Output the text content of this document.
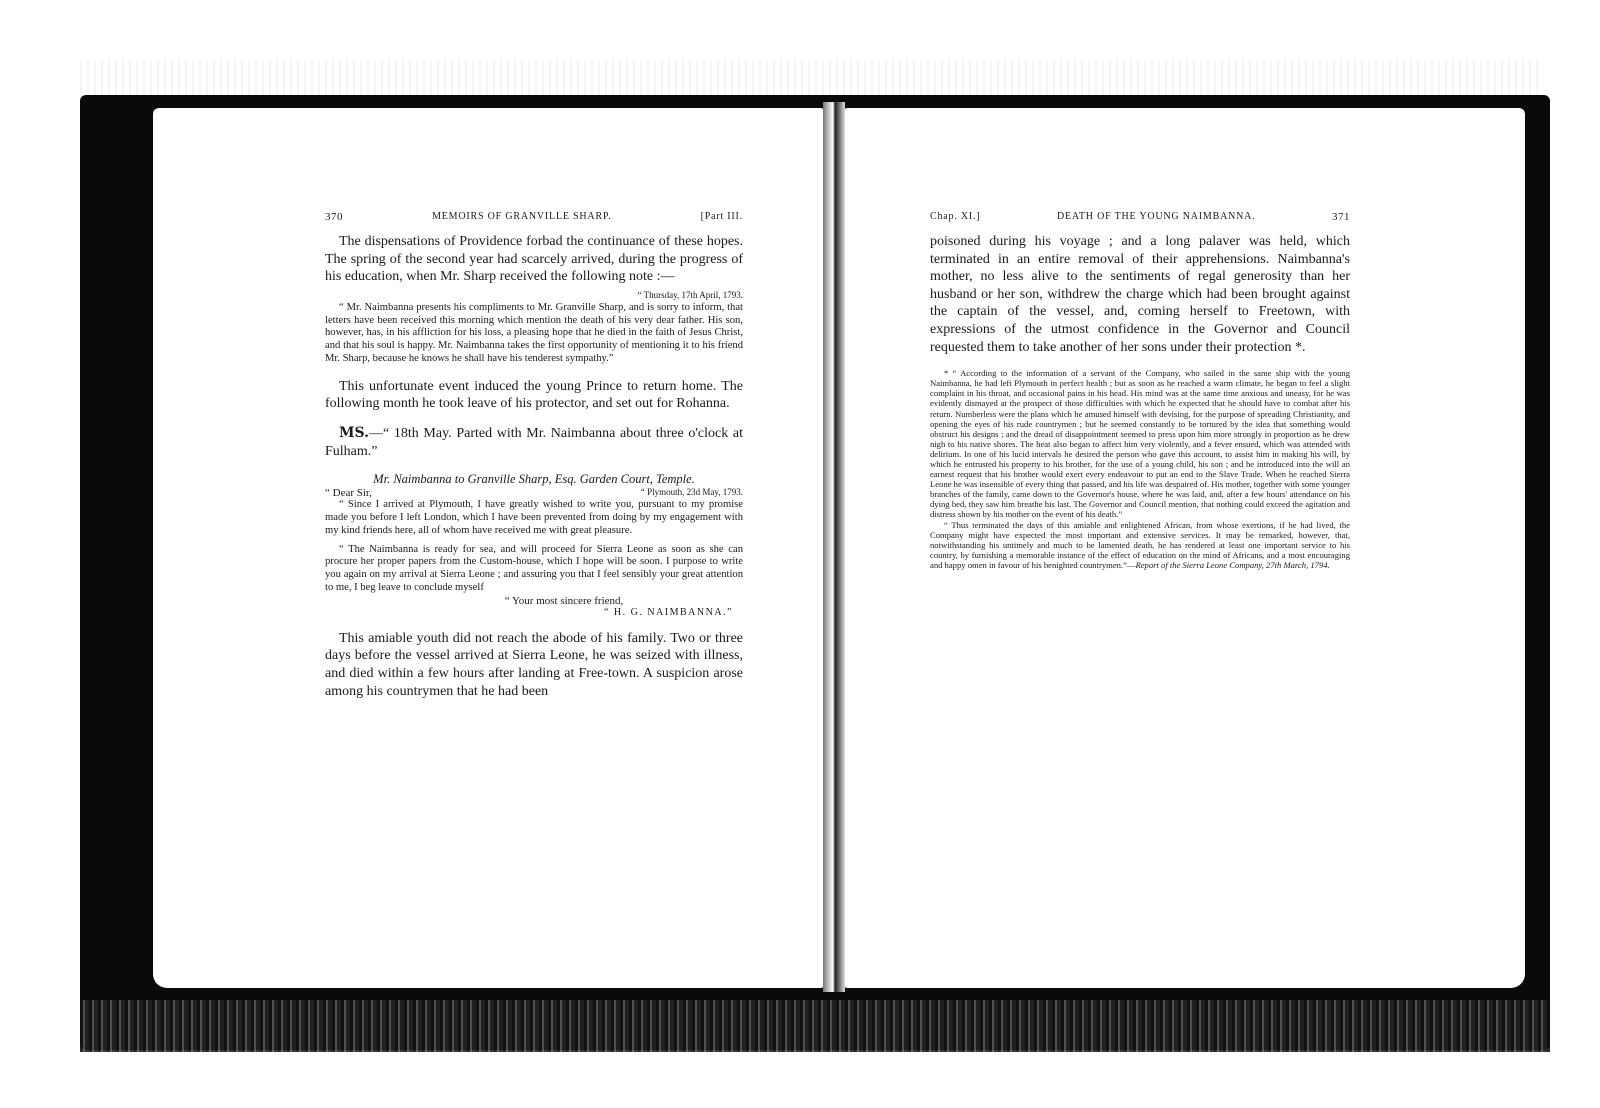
370	MEMOIRS OF GRANVILLE SHARP.	[Part III.

The dispensations of Providence forbad the continuance of these hopes. The spring of the second year had scarcely arrived, during the progress of his education, when Mr. Sharp received the following note :—

“ Thursday, 17th April, 1793.

“ Mr. Naimbanna presents his compliments to Mr. Granville Sharp, and is sorry to inform, that letters have been received this morning which mention the death of his very dear father. His son, however, has, in his affliction for his loss, a pleasing hope that he died in the faith of Jesus Christ, and that his soul is happy. Mr. Naimbanna takes the first opportunity of mentioning it to his friend Mr. Sharp, because he knows he shall have his tenderest sympathy.”

This unfortunate event induced the young Prince to return home. The following month he took leave of his protector, and set out for Rohanna.

MS.—“ 18th May. Parted with Mr. Naimbanna about three o'clock at Fulham.”

Mr. Naimbanna to Granville Sharp, Esq. Garden Court, Temple.
“ Dear Sir,	“ Plymouth, 23d May, 1793.

“ Since I arrived at Plymouth, I have greatly wished to write you, pursuant to my promise made you before I left London, which I have been prevented from doing by my engagement with my kind friends here, all of whom have received me with great pleasure.

“ The Naimbanna is ready for sea, and will proceed for Sierra Leone as soon as she can procure her proper papers from the Custom-house, which I hope will be soon. I purpose to write you again on my arrival at Sierra Leone ; and assuring you that I feel sensibly your great attention to me, I beg leave to conclude myself

“ Your most sincere friend,
“ H. G. NAIMBANNA.”

This amiable youth did not reach the abode of his family. Two or three days before the vessel arrived at Sierra Leone, he was seized with illness, and died within a few hours after landing at Free-town. A suspicion arose among his countrymen that he had been

Chap. XI.]	DEATH OF THE YOUNG NAIMBANNA.	371

poisoned during his voyage ; and a long palaver was held, which terminated in an entire removal of their apprehensions. Naimbanna's mother, no less alive to the sentiments of regal generosity than her husband or her son, withdrew the charge which had been brought against the captain of the vessel, and, coming herself to Freetown, with expressions of the utmost confidence in the Governor and Council requested them to take another of her sons under their protection *.

* “ According to the information of a servant of the Company, who sailed in the same ship with the young Naimbanna, he had left Plymouth in perfect health ; but as soon as he reached a warm climate, he began to feel a slight complaint in his throat, and occasional pains in his head. His mind was at the same time anxious and uneasy, for he was evidently dismayed at the prospect of those difficulties with which he expected that he should have to combat after his return. Numberless were the plans which he amused himself with devising, for the purpose of spreading Christianity, and opening the eyes of his rude countrymen ; but he seemed constantly to be tortured by the idea that something would obstruct his designs ; and the dread of disappointment seemed to press upon him more strongly in proportion as he drew nigh to his native shores. The heat also began to affect him very violently, and a fever ensued, which was attended with delirium. In one of his lucid intervals he desired the person who gave this account, to assist him in making his will, by which he entrusted his property to his brother, for the use of a young child, his son ; and he introduced into the will an earnest request that his brother would exert every endeavour to put an end to the Slave Trade. When he reached Sierra Leone he was insensible of every thing that passed, and his life was despaired of. His mother, together with some younger branches of the family, came down to the Governor's house, where he was laid, and, after a few hours' attendance on his dying bed, they saw him breathe his last. The Governor and Council mention, that nothing could exceed the agitation and distress shown by his mother on the event of his death.”

“ Thus terminated the days of this amiable and enlightened African, from whose exertions, if he had lived, the Company might have expected the most important and extensive services. It may be remarked, however, that, notwithstanding his untimely and much to be lamented death, he has rendered at least one important service to his country, by furnishing a memorable instance of the effect of education on the mind of Africans, and a most encouraging and happy omen in favour of his benighted countrymen.”—Report of the Sierra Leone Company, 27th March, 1794.
